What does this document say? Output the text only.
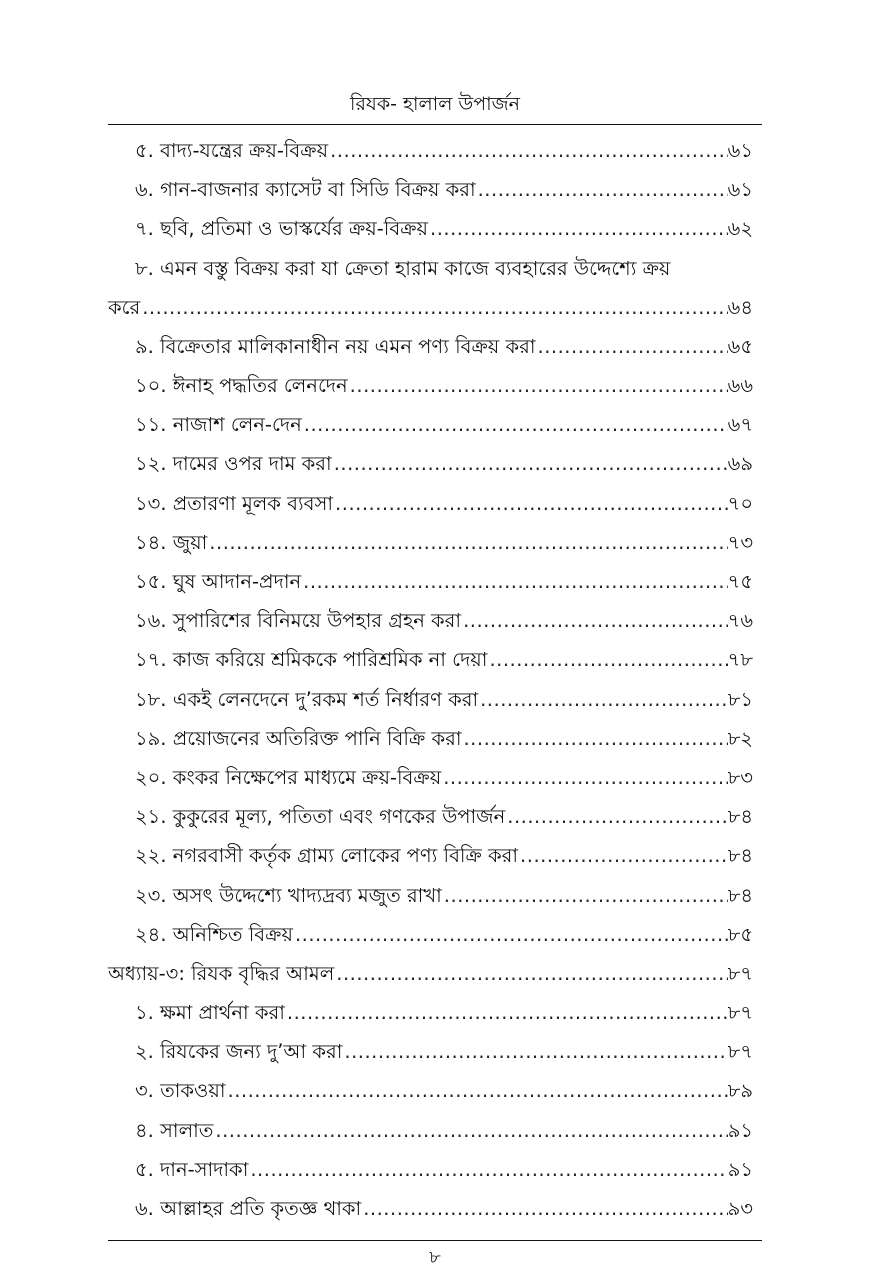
রিযক- হালাল উপার্জন
৫. বাদ্য-যন্ত্রের ক্রয়-বিক্রয় .....	৬১
৬. গান-বাজনার ক্যাসেট বা সিডি বিক্রয় করা .....	৬১
৭. ছবি, প্রতিমা ও ভাস্কর্যের ক্রয়-বিক্রয় .....	৬২
৮. এমন বস্তু বিক্রয় করা যা ক্রেতা হারাম কাজে ব্যবহারের উদ্দেশ্যে ক্রয়
করে .....	৬৪
৯. বিক্রেতার মালিকানাধীন নয় এমন পণ্য বিক্রয় করা .....	৬৫
১০. ঈনাহ পদ্ধতির লেনদেন .....	৬৬
১১. নাজাশ লেন-দেন .....	৬৭
১২. দামের ওপর দাম করা .....	৬৯
১৩. প্রতারণা মূলক ব্যবসা .....	৭০
১৪. জুয়া .....	৭৩
১৫. ঘুষ আদান-প্রদান .....	৭৫
১৬. সুপারিশের বিনিময়ে উপহার গ্রহন করা .....	৭৬
১৭. কাজ করিয়ে শ্রমিককে পারিশ্রমিক না দেয়া .....	৭৮
১৮. একই লেনদেনে দু’রকম শর্ত নির্ধারণ করা .....	৮১
১৯. প্রয়োজনের অতিরিক্ত পানি বিক্রি করা .....	৮২
২০. কংকর নিক্ষেপের মাধ্যমে ক্রয়-বিক্রয় .....	৮৩
২১. কুকুরের মূল্য, পতিতা এবং গণকের উপার্জন .....	৮৪
২২. নগরবাসী কর্তৃক গ্রাম্য লোকের পণ্য বিক্রি করা .....	৮৪
২৩. অসৎ উদ্দেশ্যে খাদ্যদ্রব্য মজুত রাখা .....	৮৪
২৪. অনিশ্চিত বিক্রয় .....	৮৫
অধ্যায়-৩: রিযক বৃদ্ধির আমল .....	৮৭
১. ক্ষমা প্রার্থনা করা .....	৮৭
২. রিযকের জন্য দু’আ করা .....	৮৭
৩. তাকওয়া .....	৮৯
৪. সালাত .....	৯১
৫. দান-সাদাকা .....	৯১
৬. আল্লাহর প্রতি কৃতজ্ঞ থাকা .....	৯৩
৮
